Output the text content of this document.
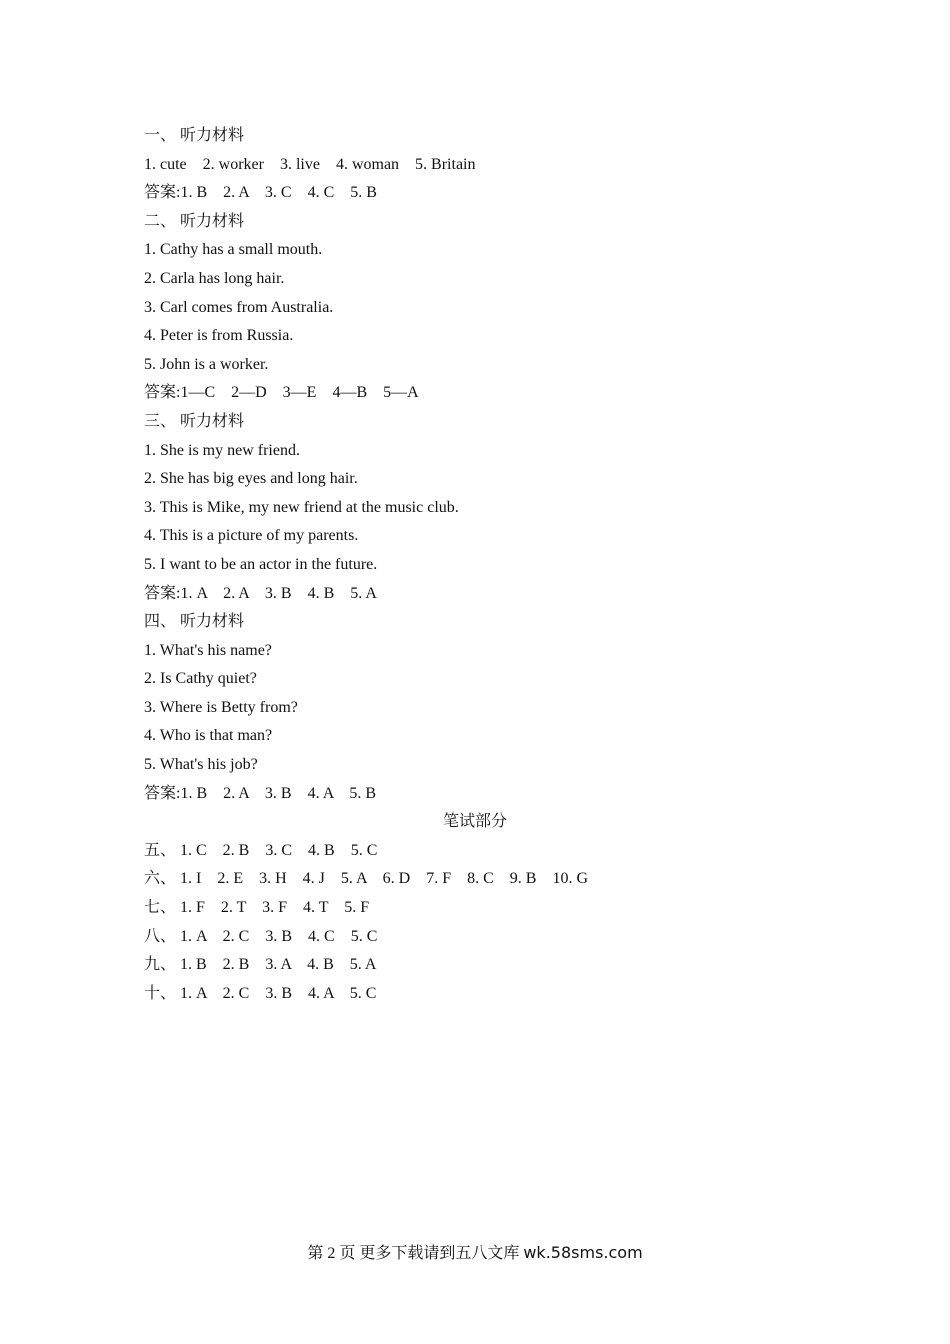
一、 听力材料
1. cute    2. worker    3. live    4. woman    5. Britain
答案:1. B    2. A    3. C    4. C    5. B
二、 听力材料
1. Cathy has a small mouth.
2. Carla has long hair.
3. Carl comes from Australia.
4. Peter is from Russia.
5. John is a worker.
答案:1—C    2—D    3—E    4—B    5—A
三、 听力材料
1. She is my new friend.
2. She has big eyes and long hair.
3. This is Mike, my new friend at the music club.
4. This is a picture of my parents.
5. I want to be an actor in the future.
答案:1. A    2. A    3. B    4. B    5. A
四、 听力材料
1. What's his name?
2. Is Cathy quiet?
3. Where is Betty from?
4. Who is that man?
5. What's his job?
答案:1. B    2. A    3. B    4. A    5. B
笔试部分
五、 1. C    2. B    3. C    4. B    5. C
六、 1. I    2. E    3. H    4. J    5. A    6. D    7. F    8. C    9. B    10. G
七、 1. F    2. T    3. F    4. T    5. F
八、 1. A    2. C    3. B    4. C    5. C
九、 1. B    2. B    3. A    4. B    5. A
十、 1. A    2. C    3. B    4. A    5. C
第 2 页 更多下载请到五八文库 wk.58sms.com
